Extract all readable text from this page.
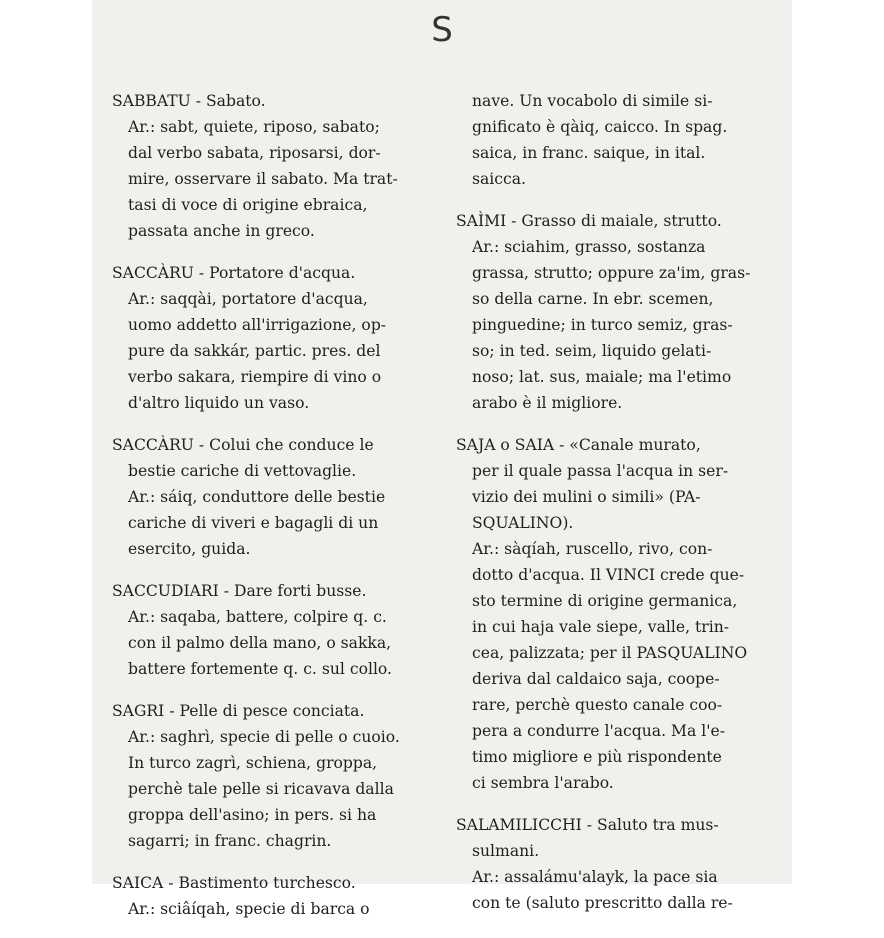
S
SABBATU - Sabato.
Ar.: sabt, quiete, riposo, sabato;
dal verbo sabata, riposarsi, dor-
mire, osservare il sabato. Ma trat-
tasi di voce di origine ebraica,
passata anche in greco.
SACCÀRU - Portatore d'acqua.
Ar.: saqqài, portatore d'acqua,
uomo addetto all'irrigazione, op-
pure da sakkár, partic. pres. del
verbo sakara, riempire di vino o
d'altro liquido un vaso.
SACCÀRU - Colui che conduce le
bestie cariche di vettovaglie.
Ar.: sáiq, conduttore delle bestie
cariche di viveri e bagagli di un
esercito, guida.
SACCUDIARI - Dare forti busse.
Ar.: saqaba, battere, colpire q. c.
con il palmo della mano, o sakka,
battere fortemente q. c. sul collo.
SAGRI - Pelle di pesce conciata.
Ar.: saghrì, specie di pelle o cuoio.
In turco zagrì, schiena, groppa,
perchè tale pelle si ricavava dalla
groppa dell'asino; in pers. si ha
sagarri; in franc. chagrin.
SAICA - Bastimento turchesco.
Ar.: sciâíqah, specie di barca o
nave. Un vocabolo di simile si-
gnificato è qàiq, caicco. In spag.
saica, in franc. saique, in ital.
saicca.
SAÌMI - Grasso di maiale, strutto.
Ar.: sciahim, grasso, sostanza
grassa, strutto; oppure za'im, gras-
so della carne. In ebr. scemen,
pinguedine; in turco semiz, gras-
so; in ted. seim, liquido gelati-
noso; lat. sus, maiale; ma l'etimo
arabo è il migliore.
SAJA o SAIA - «Canale murato,
per il quale passa l'acqua in ser-
vizio dei mulini o simili» (PA-
SQUALINO).
Ar.: sàqíah, ruscello, rivo, con-
dotto d'acqua. Il VINCI crede que-
sto termine di origine germanica,
in cui haja vale siepe, valle, trin-
cea, palizzata; per il PASQUALINO
deriva dal caldaico saja, coope-
rare, perchè questo canale coo-
pera a condurre l'acqua. Ma l'e-
timo migliore e più rispondente
ci sembra l'arabo.
SALAMILICCHI - Saluto tra mus-
sulmani.
Ar.: assalámu'alayk, la pace sia
con te (saluto prescritto dalla re-
